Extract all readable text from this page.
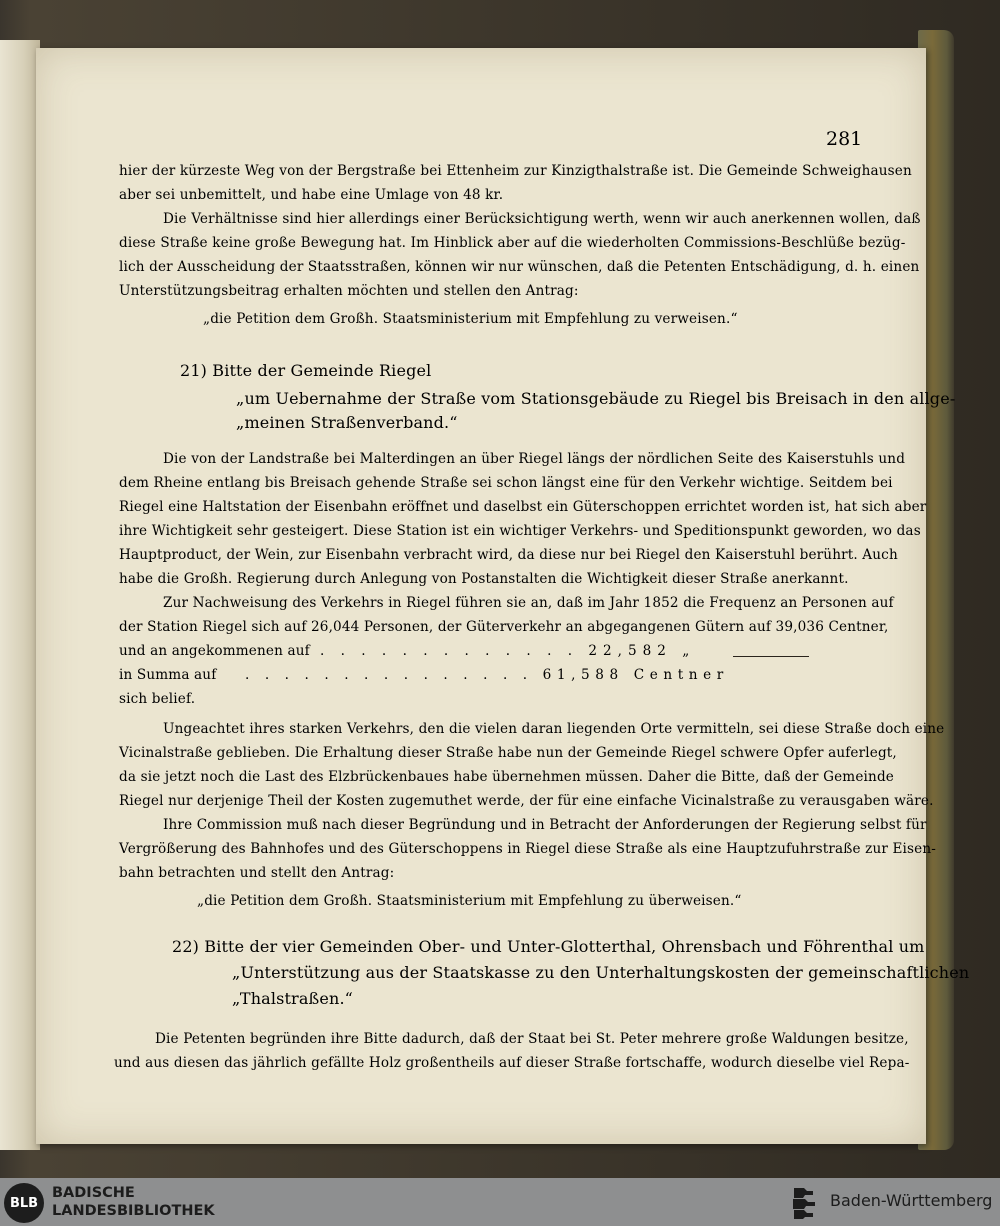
281
hier der kürzeste Weg von der Bergstraße bei Ettenheim zur Kinzigthalstraße ist. Die Gemeinde Schweighausen
aber sei unbemittelt, und habe eine Umlage von 48 kr.
Die Verhältnisse sind hier allerdings einer Berücksichtigung werth, wenn wir auch anerkennen wollen, daß
diese Straße keine große Bewegung hat. Im Hinblick aber auf die wiederholten Commissions-Beschlüße bezüg-
lich der Ausscheidung der Staatsstraßen, können wir nur wünschen, daß die Petenten Entschädigung, d. h. einen
Unterstützungsbeitrag erhalten möchten und stellen den Antrag:
„die Petition dem Großh. Staatsministerium mit Empfehlung zu verweisen.“
21) Bitte der Gemeinde Riegel
„um Uebernahme der Straße vom Stationsgebäude zu Riegel bis Breisach in den allge-
„meinen Straßenverband.“
Die von der Landstraße bei Malterdingen an über Riegel längs der nördlichen Seite des Kaiserstuhls und
dem Rheine entlang bis Breisach gehende Straße sei schon längst eine für den Verkehr wichtige. Seitdem bei
Riegel eine Haltstation der Eisenbahn eröffnet und daselbst ein Güterschoppen errichtet worden ist, hat sich aber
ihre Wichtigkeit sehr gesteigert. Diese Station ist ein wichtiger Verkehrs- und Speditionspunkt geworden, wo das
Hauptproduct, der Wein, zur Eisenbahn verbracht wird, da diese nur bei Riegel den Kaiserstuhl berührt. Auch
habe die Großh. Regierung durch Anlegung von Postanstalten die Wichtigkeit dieser Straße anerkannt.
Zur Nachweisung des Verkehrs in Riegel führen sie an, daß im Jahr 1852 die Frequenz an Personen auf
der Station Riegel sich auf 26,044 Personen, der Güterverkehr an abgegangenen Gütern auf 39,036 Centner,
und an angekommenen auf . . . . . . . . . . . . . 22,582 „
in Summa auf . . . . . . . . . . . . . . . 61,588 Centner
sich belief.
Ungeachtet ihres starken Verkehrs, den die vielen daran liegenden Orte vermitteln, sei diese Straße doch eine
Vicinalstraße geblieben. Die Erhaltung dieser Straße habe nun der Gemeinde Riegel schwere Opfer auferlegt,
da sie jetzt noch die Last des Elzbrückenbaues habe übernehmen müssen. Daher die Bitte, daß der Gemeinde
Riegel nur derjenige Theil der Kosten zugemuthet werde, der für eine einfache Vicinalstraße zu verausgaben wäre.
Ihre Commission muß nach dieser Begründung und in Betracht der Anforderungen der Regierung selbst für
Vergrößerung des Bahnhofes und des Güterschoppens in Riegel diese Straße als eine Hauptzufuhrstraße zur Eisen-
bahn betrachten und stellt den Antrag:
„die Petition dem Großh. Staatsministerium mit Empfehlung zu überweisen.“
22) Bitte der vier Gemeinden Ober- und Unter-Glotterthal, Ohrensbach und Föhrenthal um
„Unterstützung aus der Staatskasse zu den Unterhaltungskosten der gemeinschaftlichen
„Thalstraßen.“
Die Petenten begründen ihre Bitte dadurch, daß der Staat bei St. Peter mehrere große Waldungen besitze,
und aus diesen das jährlich gefällte Holz großentheils auf dieser Straße fortschaffe, wodurch dieselbe viel Repa-
BLB
BADISCHE
LANDESBIBLIOTHEK
Baden-Württemberg
